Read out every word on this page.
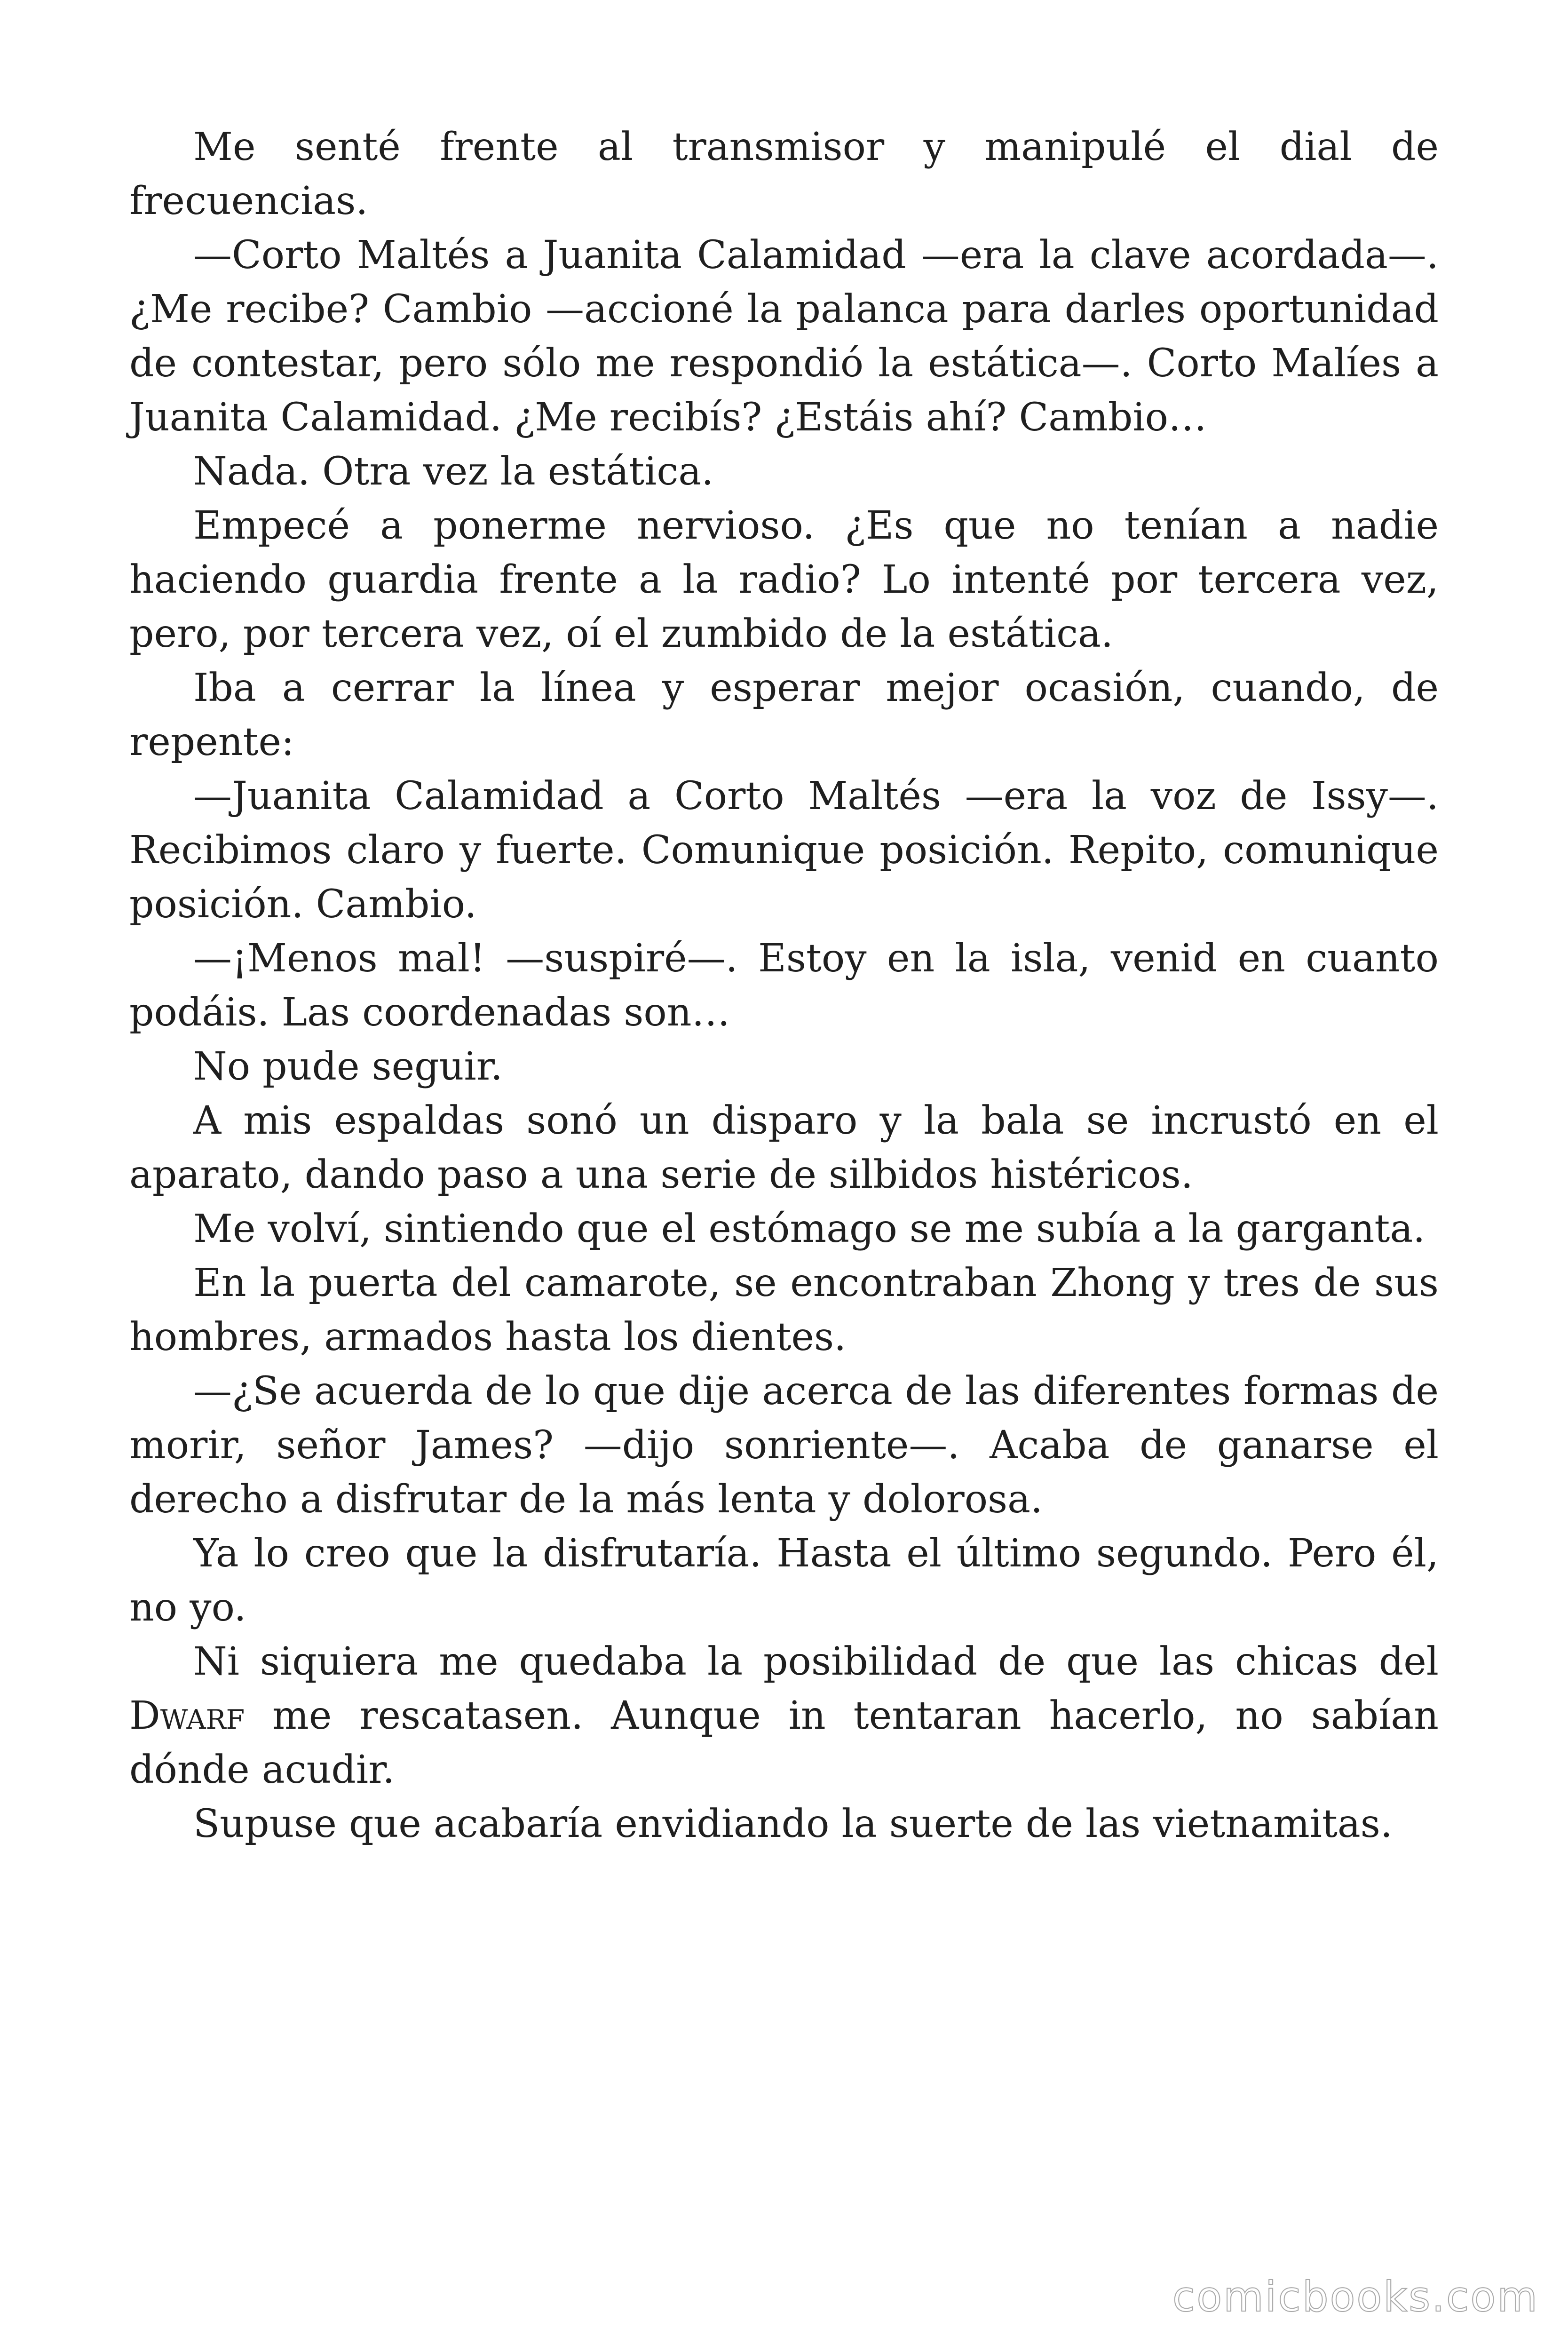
Me senté frente al transmisor y manipulé el dial de frecuencias.

—Corto Maltés a Juanita Calamidad —era la clave acordada—. ¿Me recibe? Cambio —accioné la palanca para darles oportunidad de contestar, pero sólo me respondió la estática—. Corto Malíes a Juanita Calamidad. ¿Me recibís? ¿Estáis ahí? Cambio…

Nada. Otra vez la estática.

Empecé a ponerme nervioso. ¿Es que no tenían a nadie haciendo guardia frente a la radio? Lo intenté por tercera vez, pero, por tercera vez, oí el zumbido de la estática.

Iba a cerrar la línea y esperar mejor ocasión, cuando, de repente:

—Juanita Calamidad a Corto Maltés —era la voz de Issy—. Recibimos claro y fuerte. Comunique posición. Repito, comunique posición. Cambio.

—¡Menos mal! —suspiré—. Estoy en la isla, venid en cuanto podáis. Las coordenadas son…

No pude seguir.

A mis espaldas sonó un disparo y la bala se incrustó en el aparato, dando paso a una serie de silbidos histéricos.

Me volví, sintiendo que el estómago se me subía a la garganta.

En la puerta del camarote, se encontraban Zhong y tres de sus hombres, armados hasta los dientes.

—¿Se acuerda de lo que dije acerca de las diferentes formas de morir, señor James? —dijo sonriente—. Acaba de ganarse el derecho a disfrutar de la más lenta y dolorosa.

Ya lo creo que la disfrutaría. Hasta el último segundo. Pero él, no yo.

Ni siquiera me quedaba la posibilidad de que las chicas del Dwarf me rescatasen. Aunque in tentaran hacerlo, no sabían dónde acudir.

Supuse que acabaría envidiando la suerte de las vietnamitas.

comicbooks.com
